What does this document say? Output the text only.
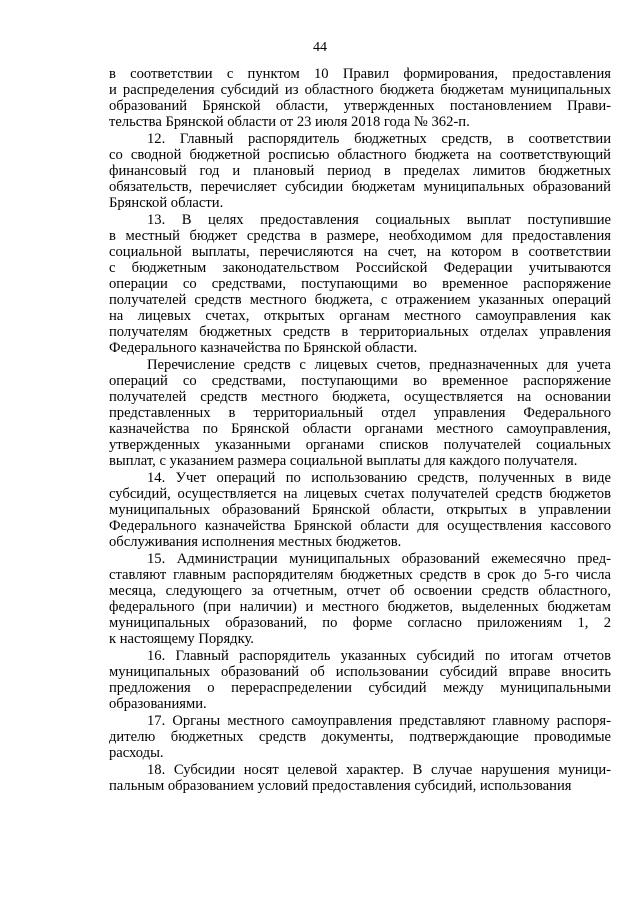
44

в соответствии с пунктом 10 Правил формирования, предоставления
и распределения субсидий из областного бюджета бюджетам муниципальных
образований Брянской области, утвержденных постановлением Прави-
тельства Брянской области от 23 июля 2018 года № 362-п.

12. Главный распорядитель бюджетных средств, в соответствии
со сводной бюджетной росписью областного бюджета на соответствующий
финансовый год и плановый период в пределах лимитов бюджетных
обязательств, перечисляет субсидии бюджетам муниципальных образований
Брянской области.

13. В целях предоставления социальных выплат поступившие
в местный бюджет средства в размере, необходимом для предоставления
социальной выплаты, перечисляются на счет, на котором в соответствии
с бюджетным законодательством Российской Федерации учитываются
операции со средствами, поступающими во временное распоряжение
получателей средств местного бюджета, с отражением указанных операций
на лицевых счетах, открытых органам местного самоуправления как
получателям бюджетных средств в территориальных отделах управления
Федерального казначейства по Брянской области.

Перечисление средств с лицевых счетов, предназначенных для учета
операций со средствами, поступающими во временное распоряжение
получателей средств местного бюджета, осуществляется на основании
представленных в территориальный отдел управления Федерального
казначейства по Брянской области органами местного самоуправления,
утвержденных указанными органами списков получателей социальных
выплат, с указанием размера социальной выплаты для каждого получателя.

14. Учет операций по использованию средств, полученных в виде
субсидий, осуществляется на лицевых счетах получателей средств бюджетов
муниципальных образований Брянской области, открытых в управлении
Федерального казначейства Брянской области для осуществления кассового
обслуживания исполнения местных бюджетов.

15. Администрации муниципальных образований ежемесячно пред-
ставляют главным распорядителям бюджетных средств в срок до 5-го числа
месяца, следующего за отчетным, отчет об освоении средств областного,
федерального (при наличии) и местного бюджетов, выделенных бюджетам
муниципальных образований, по форме согласно приложениям 1, 2
к настоящему Порядку.

16. Главный распорядитель указанных субсидий по итогам отчетов
муниципальных образований об использовании субсидий вправе вносить
предложения о перераспределении субсидий между муниципальными
образованиями.

17. Органы местного самоуправления представляют главному распоря-
дителю бюджетных средств документы, подтверждающие проводимые
расходы.

18. Субсидии носят целевой характер. В случае нарушения муници-
пальным образованием условий предоставления субсидий, использования
